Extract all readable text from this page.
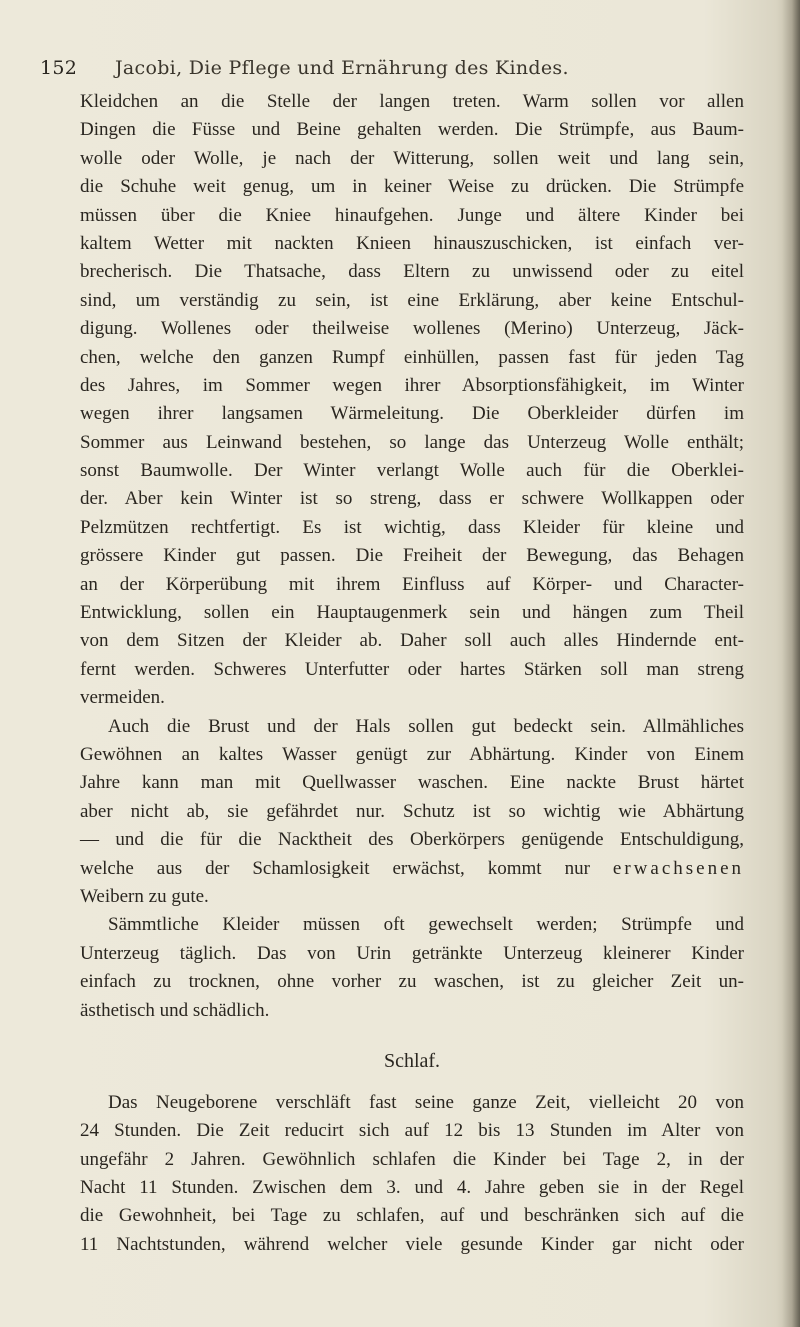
152 Jacobi, Die Pflege und Ernährung des Kindes.
Kleidchen an die Stelle der langen treten. Warm sollen vor allen
Dingen die Füsse und Beine gehalten werden. Die Strümpfe, aus Baum-
wolle oder Wolle, je nach der Witterung, sollen weit und lang sein,
die Schuhe weit genug, um in keiner Weise zu drücken. Die Strümpfe
müssen über die Kniee hinaufgehen. Junge und ältere Kinder bei
kaltem Wetter mit nackten Knieen hinauszuschicken, ist einfach ver-
brecherisch. Die Thatsache, dass Eltern zu unwissend oder zu eitel
sind, um verständig zu sein, ist eine Erklärung, aber keine Entschul-
digung. Wollenes oder theilweise wollenes (Merino) Unterzeug, Jäck-
chen, welche den ganzen Rumpf einhüllen, passen fast für jeden Tag
des Jahres, im Sommer wegen ihrer Absorptionsfähigkeit, im Winter
wegen ihrer langsamen Wärmeleitung. Die Oberkleider dürfen im
Sommer aus Leinwand bestehen, so lange das Unterzeug Wolle enthält;
sonst Baumwolle. Der Winter verlangt Wolle auch für die Oberklei-
der. Aber kein Winter ist so streng, dass er schwere Wollkappen oder
Pelzmützen rechtfertigt. Es ist wichtig, dass Kleider für kleine und
grössere Kinder gut passen. Die Freiheit der Bewegung, das Behagen
an der Körperübung mit ihrem Einfluss auf Körper- und Character-
Entwicklung, sollen ein Hauptaugenmerk sein und hängen zum Theil
von dem Sitzen der Kleider ab. Daher soll auch alles Hindernde ent-
fernt werden. Schweres Unterfutter oder hartes Stärken soll man streng
vermeiden.
Auch die Brust und der Hals sollen gut bedeckt sein. Allmähliches
Gewöhnen an kaltes Wasser genügt zur Abhärtung. Kinder von Einem
Jahre kann man mit Quellwasser waschen. Eine nackte Brust härtet
aber nicht ab, sie gefährdet nur. Schutz ist so wichtig wie Abhärtung
— und die für die Nacktheit des Oberkörpers genügende Entschuldigung,
welche aus der Schamlosigkeit erwächst, kommt nur erwachsenen
Weibern zu gute.
Sämmtliche Kleider müssen oft gewechselt werden; Strümpfe und
Unterzeug täglich. Das von Urin getränkte Unterzeug kleinerer Kinder
einfach zu trocknen, ohne vorher zu waschen, ist zu gleicher Zeit un-
ästhetisch und schädlich.
Schlaf.
Das Neugeborene verschläft fast seine ganze Zeit, vielleicht 20 von
24 Stunden. Die Zeit reducirt sich auf 12 bis 13 Stunden im Alter von
ungefähr 2 Jahren. Gewöhnlich schlafen die Kinder bei Tage 2, in der
Nacht 11 Stunden. Zwischen dem 3. und 4. Jahre geben sie in der Regel
die Gewohnheit, bei Tage zu schlafen, auf und beschränken sich auf die
11 Nachtstunden, während welcher viele gesunde Kinder gar nicht oder
